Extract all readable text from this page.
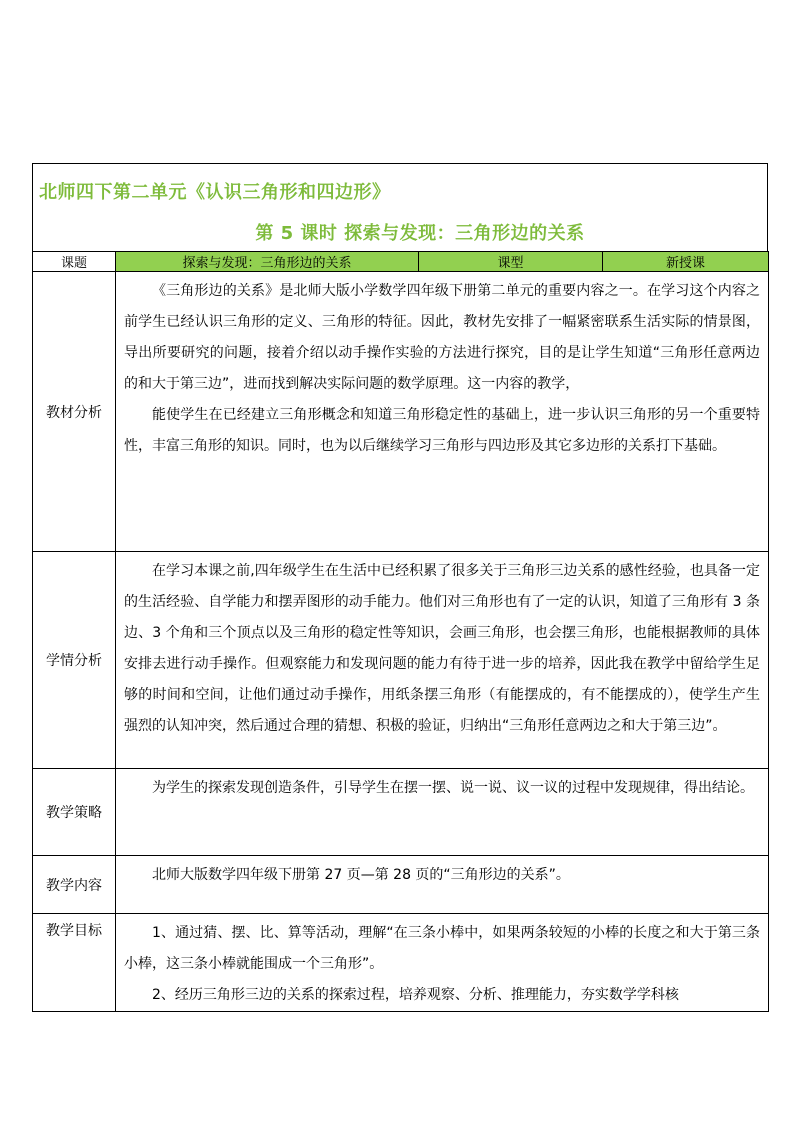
北师四下第二单元《认识三角形和四边形》
第 5 课时 探索与发现：三角形边的关系
课题	探索与发现：三角形边的关系	课型	新授课
教材分析	《三角形边的关系》是北师大版小学数学四年级下册第二单元的重要内容之一。在学习这个内容之前学生已经认识三角形的定义、三角形的特征。因此，教材先安排了一幅紧密联系生活实际的情景图，导出所要研究的问题，接着介绍以动手操作实验的方法进行探究，目的是让学生知道“三角形任意两边的和大于第三边”，进而找到解决实际问题的数学原理。这一内容的教学，

能使学生在已经建立三角形概念和知道三角形稳定性的基础上，进一步认识三角形的另一个重要特性，丰富三角形的知识。同时，也为以后继续学习三角形与四边形及其它多边形的关系打下基础。		

学情分析	在学习本课之前,四年级学生在生活中已经积累了很多关于三角形三边关系的感性经验，也具备一定的生活经验、自学能力和摆弄图形的动手能力。他们对三角形也有了一定的认识，知道了三角形有 3 条边、3 个角和三个顶点以及三角形的稳定性等知识，会画三角形，也会摆三角形，也能根据教师的具体安排去进行动手操作。但观察能力和发现问题的能力有待于进一步的培养，因此我在教学中留给学生足够的时间和空间，让他们通过动手操作，用纸条摆三角形（有能摆成的，有不能摆成的），使学生产生强烈的认知冲突，然后通过合理的猜想、积极的验证，归纳出“三角形任意两边之和大于第三边”。		

教学策略	为学生的探索发现创造条件，引导学生在摆一摆、说一说、议一议的过程中发现规律，得出结论。		

教学内容	北师大版数学四年级下册第 27 页—第 28 页的“三角形边的关系”。		

教学目标	1、通过猜、摆、比、算等活动，理解“在三条小棒中，如果两条较短的小棒的长度之和大于第三条小棒，这三条小棒就能围成一个三角形”。

2、经历三角形三边的关系的探索过程，培养观察、分析、推理能力，夯实数学学科核		
